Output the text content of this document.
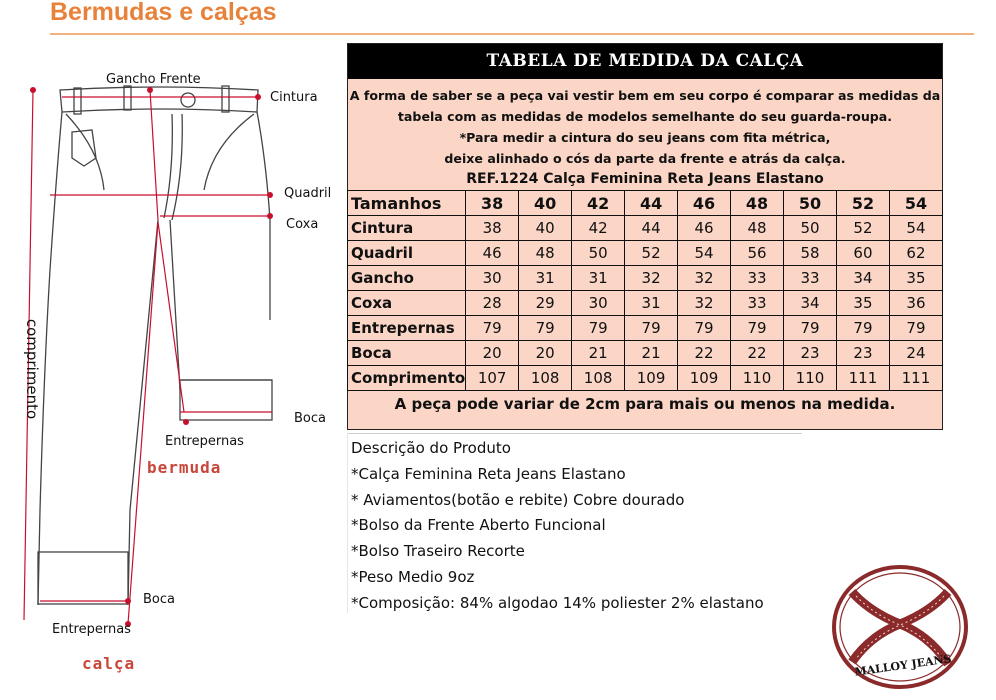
Bermudas e calças
Gancho Frente
Cintura
Quadril
Coxa
comprimento	Boca
Entrepernas
bermuda
Boca
Entrepernas
calça
TABELA DE MEDIDA DA CALÇA

A forma de saber se a peça vai vestir bem em seu corpo é comparar as medidas da

tabela com as medidas de modelos semelhante do seu guarda-roupa.

*Para medir a cintura do seu jeans com fita métrica,

deixe alinhado o cós da parte da frente e atrás da calça.

REF.1224 Calça Feminina Reta Jeans Elastano

Tamanhos	38	40	42	44	46	48	50	52	54
Cintura	38	40	42	44	46	48	50	52	54
Quadril	46	48	50	52	54	56	58	60	62
Gancho	30	31	31	32	32	33	33	34	35
Coxa	28	29	30	31	32	33	34	35	36
Entrepernas	79	79	79	79	79	79	79	79	79
Boca	20	20	21	21	22	22	23	23	24
Comprimento	107	108	108	109	109	110	110	111	111
A peça pode variar de 2cm para mais ou menos na medida.
Descrição do Produto
*Calça Feminina Reta Jeans Elastano
* Aviamentos(botão e rebite) Cobre dourado
*Bolso da Frente Aberto Funcional
*Bolso Traseiro Recorte
*Peso Medio 9oz
*Composição: 84% algodao 14% poliester 2% elastano
MALLOY JEANS
